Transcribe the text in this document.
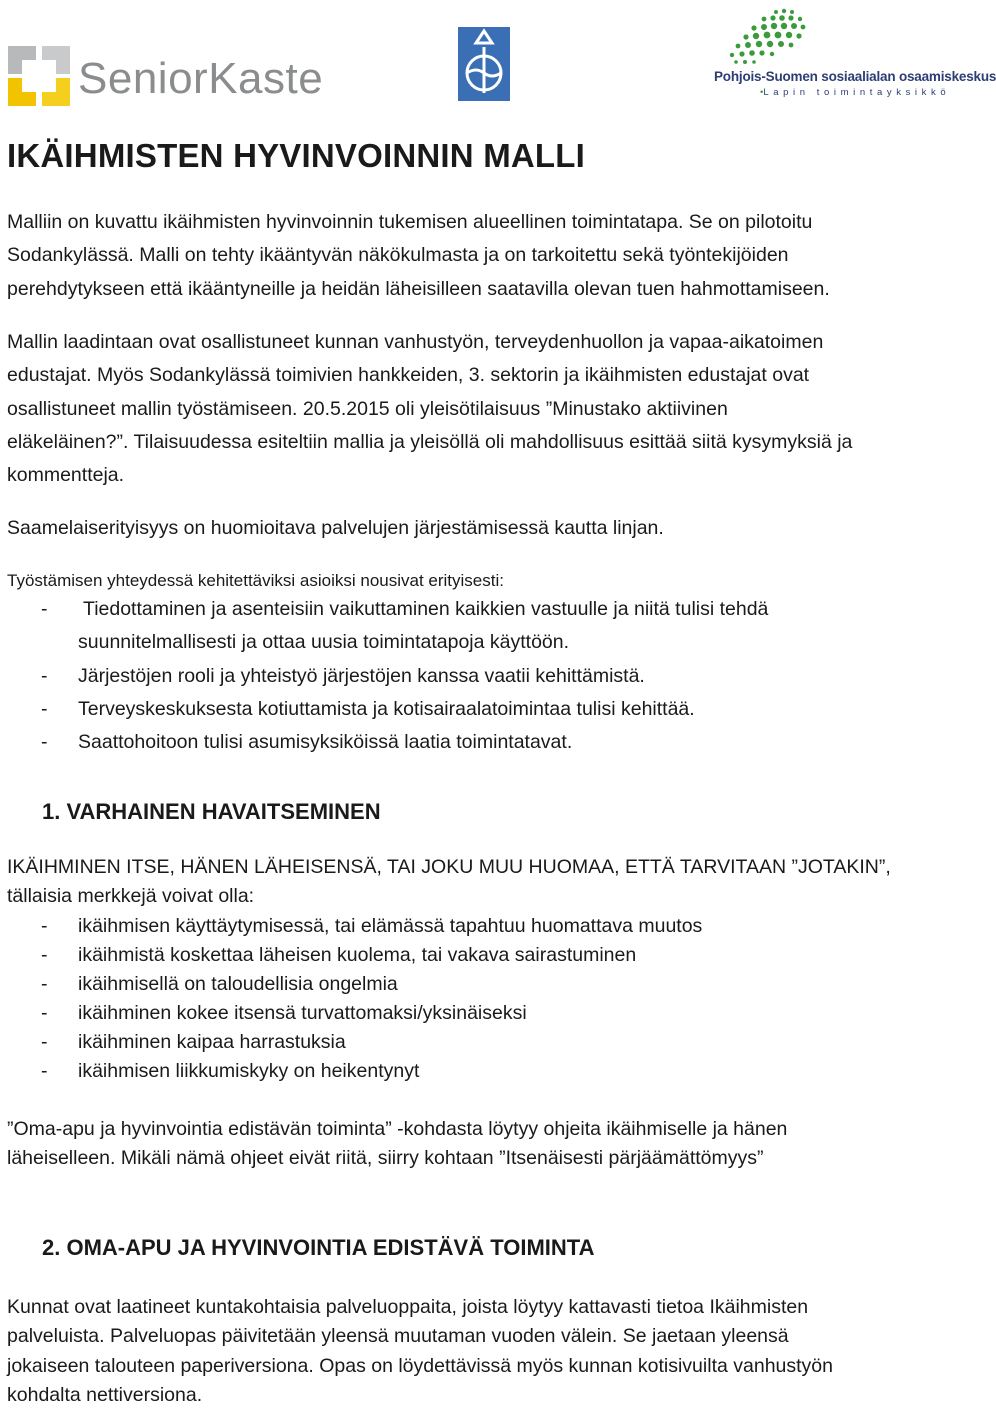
SeniorKaste	Pohjois-Suomen sosiaalialan osaamiskeskus
•Lapin toimintayksikkö
IKÄIHMISTEN HYVINVOINNIN MALLI

Malliin on kuvattu ikäihmisten hyvinvoinnin tukemisen alueellinen toimintatapa. Se on pilotoitu
Sodankylässä. Malli on tehty ikääntyvän näkökulmasta ja on tarkoitettu sekä työntekijöiden
perehdytykseen että ikääntyneille ja heidän läheisilleen saatavilla olevan tuen hahmottamiseen.

Mallin laadintaan ovat osallistuneet kunnan vanhustyön, terveydenhuollon ja vapaa-aikatoimen
edustajat. Myös Sodankylässä toimivien hankkeiden, 3. sektorin ja ikäihmisten edustajat ovat
osallistuneet mallin työstämiseen. 20.5.2015 oli yleisötilaisuus ”Minustako aktiivinen
eläkeläinen?”. Tilaisuudessa esiteltiin mallia ja yleisöllä oli mahdollisuus esittää siitä kysymyksiä ja
kommentteja.

Saamelaiserityisyys on huomioitava palvelujen järjestämisessä kautta linjan.

Työstämisen yhteydessä kehitettäviksi asioiksi nousivat erityisesti:

- Tiedottaminen ja asenteisiin vaikuttaminen kaikkien vastuulle ja niitä tulisi tehdä
suunnitelmallisesti ja ottaa uusia toimintatapoja käyttöön.
- Järjestöjen rooli ja yhteistyö järjestöjen kanssa vaatii kehittämistä.
- Terveyskeskuksesta kotiuttamista ja kotisairaalatoimintaa tulisi kehittää.
- Saattohoitoon tulisi asumisyksiköissä laatia toimintatavat.
1. VARHAINEN HAVAITSEMINEN

IKÄIHMINEN ITSE, HÄNEN LÄHEISENSÄ, TAI JOKU MUU HUOMAA, ETTÄ TARVITAAN ”JOTAKIN”,
tällaisia merkkejä voivat olla:

- ikäihmisen käyttäytymisessä, tai elämässä tapahtuu huomattava muutos
- ikäihmistä koskettaa läheisen kuolema, tai vakava sairastuminen
- ikäihmisellä on taloudellisia ongelmia
- ikäihminen kokee itsensä turvattomaksi/yksinäiseksi
- ikäihminen kaipaa harrastuksia
- ikäihmisen liikkumiskyky on heikentynyt

”Oma-apu ja hyvinvointia edistävän toiminta” -kohdasta löytyy ohjeita ikäihmiselle ja hänen
läheiselleen. Mikäli nämä ohjeet eivät riitä, siirry kohtaan ”Itsenäisesti pärjäämättömyys”

2. OMA-APU JA HYVINVOINTIA EDISTÄVÄ TOIMINTA

Kunnat ovat laatineet kuntakohtaisia palveluoppaita, joista löytyy kattavasti tietoa Ikäihmisten
palveluista. Palveluopas päivitetään yleensä muutaman vuoden välein. Se jaetaan yleensä
jokaiseen talouteen paperiversiona. Opas on löydettävissä myös kunnan kotisivuilta vanhustyön
kohdalta nettiversiona.
